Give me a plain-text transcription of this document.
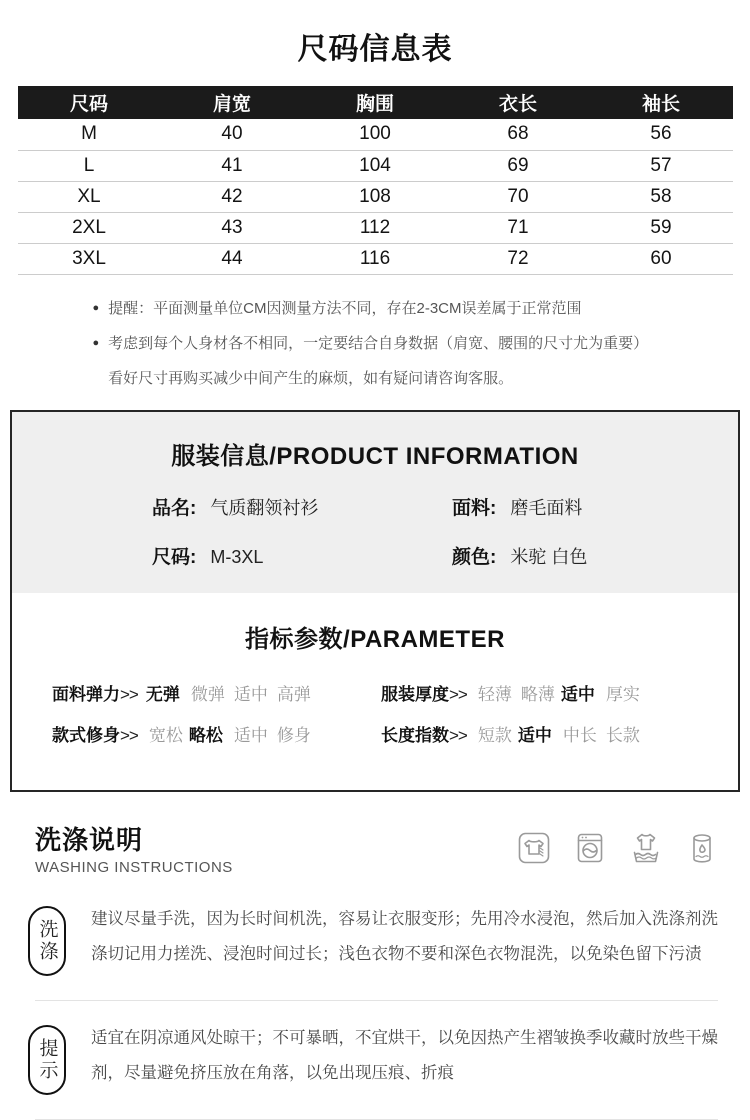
尺码信息表
尺码	肩宽	胸围	衣长	袖长
M	40	100	68	56
L	41	104	69	57
XL	42	108	70	58
2XL	43	112	71	59
3XL	44	116	72	60
● 提醒：平面测量单位CM因测量方法不同，存在2-3CM误差属于正常范围
● 考虑到每个人身材各不相同，一定要结合自身数据（肩宽、腰围的尺寸尤为重要）看好尺寸再购买减少中间产生的麻烦，如有疑问请咨询客服。
服装信息/PRODUCT INFORMATION
品名: 气质翻领衬衫	面料: 磨毛面料
尺码: M-3XL	颜色: 米驼 白色
指标参数/PARAMETER
面料弹力>> 无弹 微弹 适中 高弹	服装厚度>> 轻薄 略薄 适中 厚实
款式修身>> 宽松 略松 适中 修身	长度指数>> 短款 适中 中长 长款
洗涤说明
WASHING INSTRUCTIONS
洗涤	建议尽量手洗，因为长时间机洗，容易让衣服变形；先用冷水浸泡，然后加入洗涤剂洗涤切记用力搓洗、浸泡时间过长；浅色衣物不要和深色衣物混洗，以免染色留下污渍
提示	适宜在阴凉通风处晾干；不可暴晒，不宜烘干，以免因热产生褶皱换季收藏时放些干燥剂，尽量避免挤压放在角落，以免出现压痕、折痕
